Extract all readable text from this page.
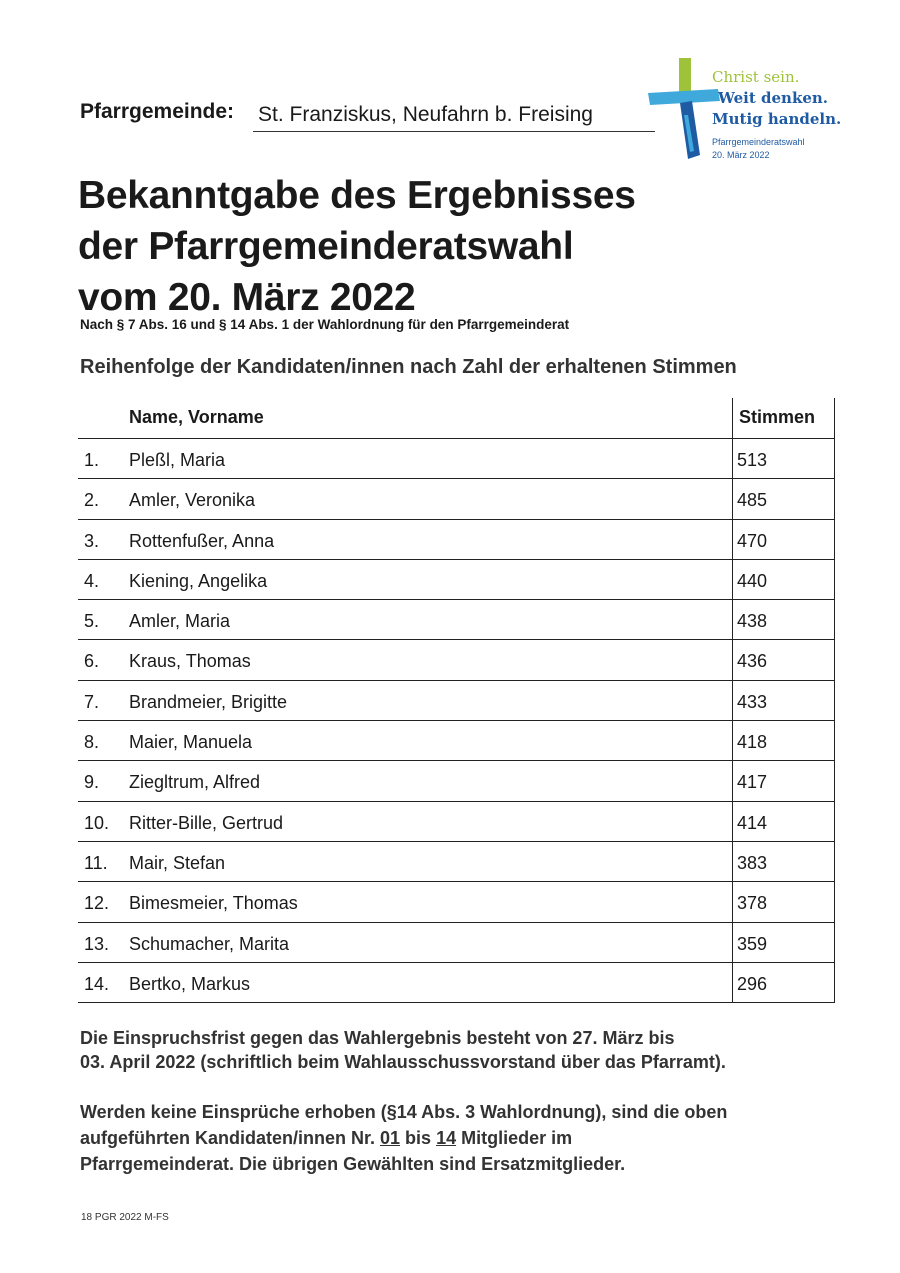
Pfarrgemeinde: St. Franziskus, Neufahrn b. Freising
Christ sein.
Weit denken.
Mutig handeln.
Pfarrgemeinderatswahl
20. März 2022
Bekanntgabe des Ergebnisses
der Pfarrgemeinderatswahl
vom 20. März 2022
Nach § 7 Abs. 16 und § 14 Abs. 1 der Wahlordnung für den Pfarrgemeinderat
Reihenfolge der Kandidaten/innen nach Zahl der erhaltenen Stimmen
Name, Vorname	Stimmen
1.	Pleßl, Maria	513
2.	Amler, Veronika	485
3.	Rottenfußer, Anna	470
4.	Kiening, Angelika	440
5.	Amler, Maria	438
6.	Kraus, Thomas	436
7.	Brandmeier, Brigitte	433
8.	Maier, Manuela	418
9.	Ziegltrum, Alfred	417
10.	Ritter-Bille, Gertrud	414
11.	Mair, Stefan	383
12.	Bimesmeier, Thomas	378
13.	Schumacher, Marita	359
14.	Bertko, Markus	296
Die Einspruchsfrist gegen das Wahlergebnis besteht von 27. März bis
03. April 2022 (schriftlich beim Wahlausschussvorstand über das Pfarramt).
Werden keine Einsprüche erhoben (§14 Abs. 3 Wahlordnung), sind die oben
aufgeführten Kandidaten/innen Nr. 01 bis 14 Mitglieder im
Pfarrgemeinderat. Die übrigen Gewählten sind Ersatzmitglieder.
18 PGR 2022 M-FS
